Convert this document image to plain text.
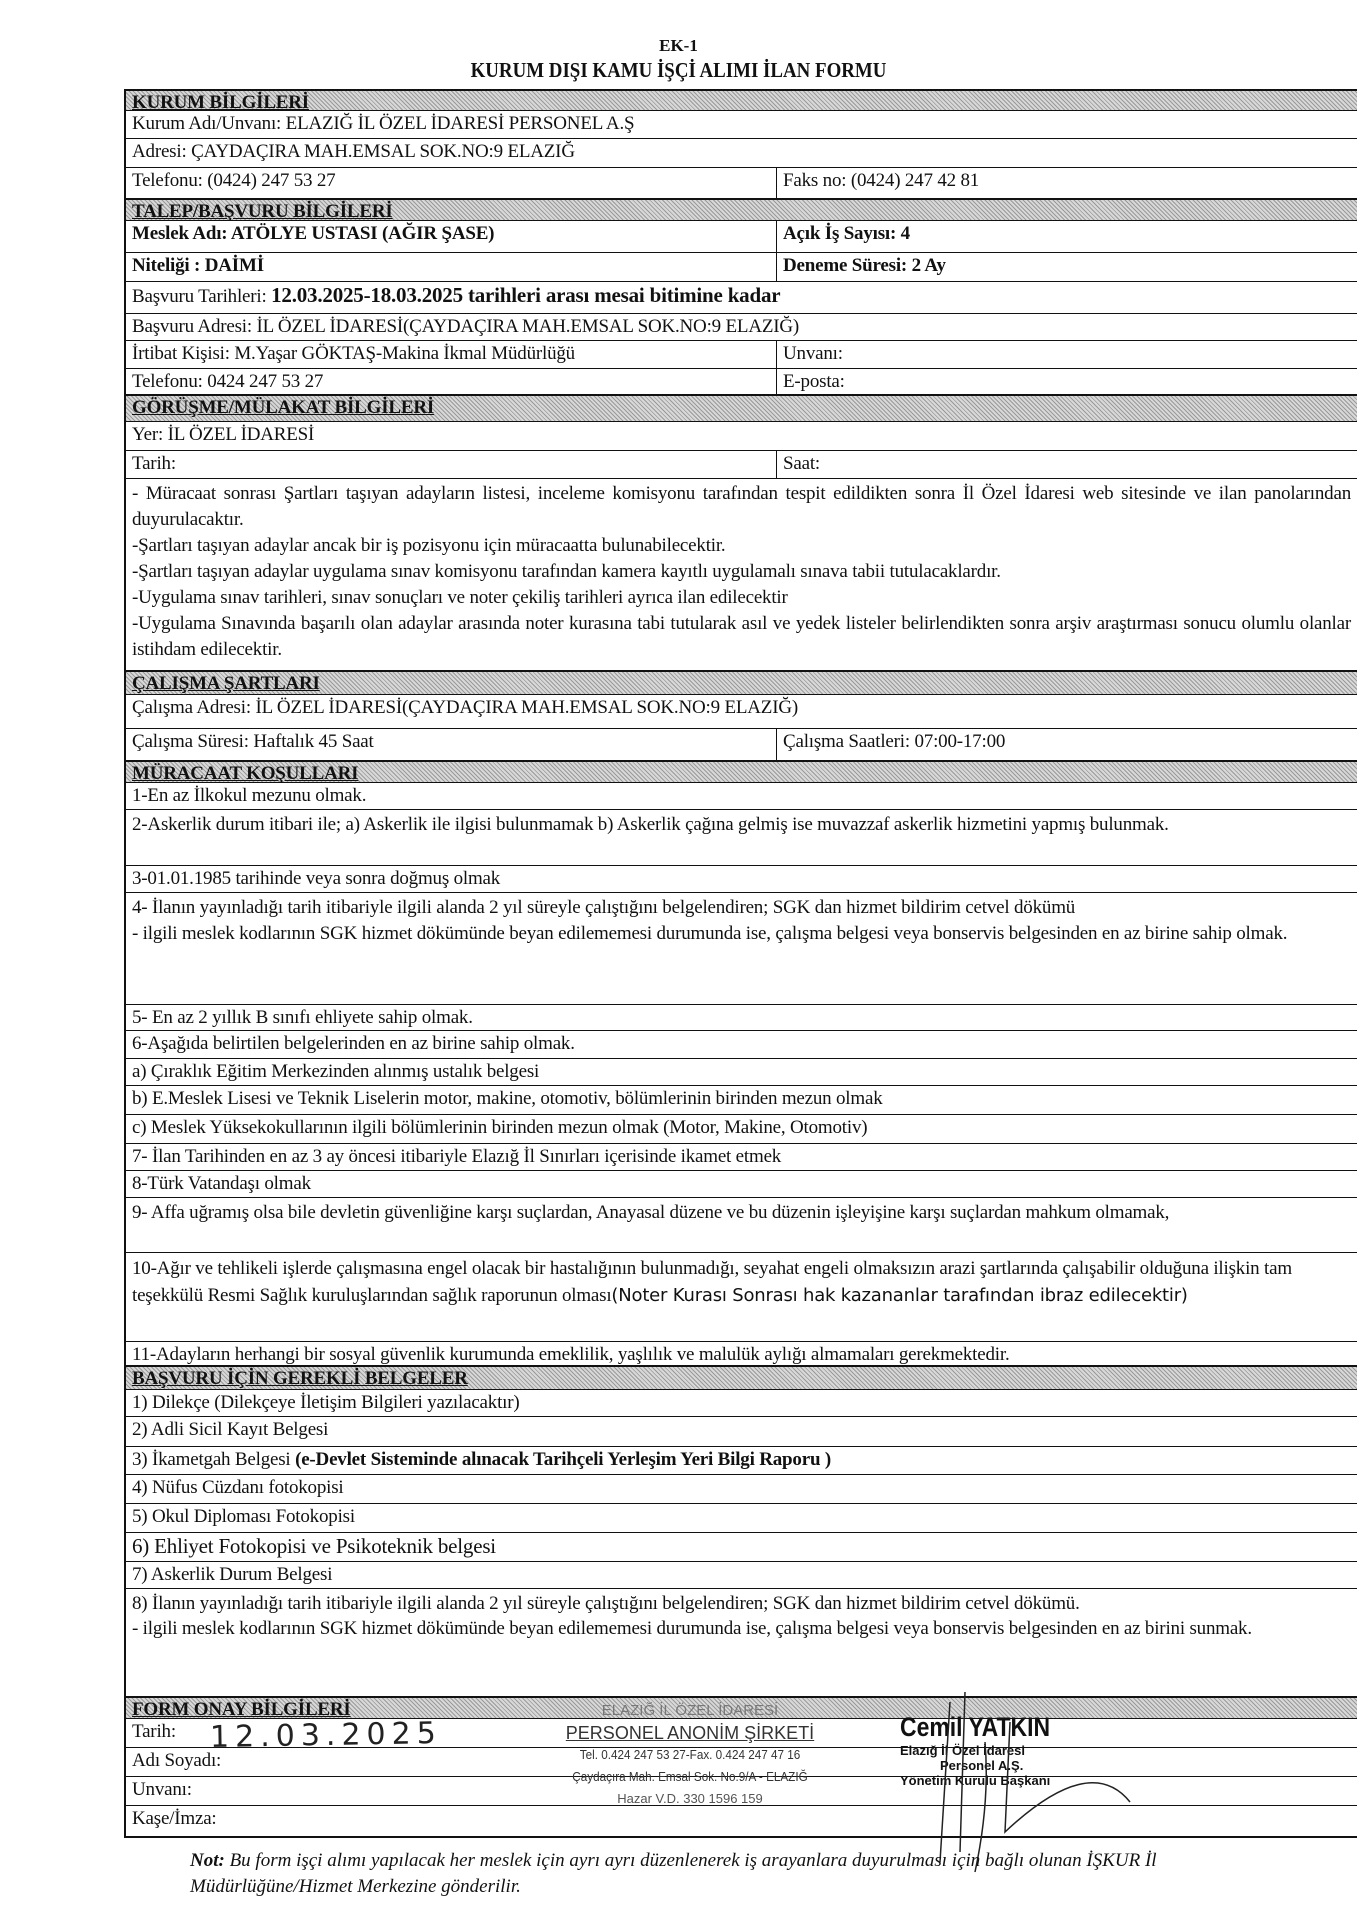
EK-1
KURUM DIŞI KAMU İŞÇİ ALIMI İLAN FORMU
KURUM BİLGİLERİ
Kurum Adı/Unvanı: ELAZIĞ İL ÖZEL İDARESİ PERSONEL A.Ş
Adresi: ÇAYDAÇIRA MAH.EMSAL SOK.NO:9 ELAZIĞ
Telefonu: (0424) 247 53 27	Faks no: (0424) 247 42 81
TALEP/BAŞVURU BİLGİLERİ
Meslek Adı: ATÖLYE USTASI (AĞIR ŞASE)	Açık İş Sayısı: 4
Niteliği : DAİMİ	Deneme Süresi: 2 Ay
Başvuru Tarihleri: 12.03.2025-18.03.2025 tarihleri arası mesai bitimine kadar
Başvuru Adresi: İL ÖZEL İDARESİ(ÇAYDAÇIRA MAH.EMSAL SOK.NO:9 ELAZIĞ)
İrtibat Kişisi: M.Yaşar GÖKTAŞ-Makina İkmal Müdürlüğü	Unvanı:
Telefonu: 0424 247 53 27	E-posta:
GÖRÜŞME/MÜLAKAT BİLGİLERİ
Yer: İL ÖZEL İDARESİ
Tarih:	Saat:
- Müracaat sonrası Şartları taşıyan adayların listesi, inceleme komisyonu tarafından tespit edildikten sonra İl Özel İdaresi web sitesinde ve ilan panolarından duyurulacaktır.
-Şartları taşıyan adaylar ancak bir iş pozisyonu için müracaatta bulunabilecektir.
-Şartları taşıyan adaylar uygulama sınav komisyonu tarafından kamera kayıtlı uygulamalı sınava tabii tutulacaklardır.
-Uygulama sınav tarihleri, sınav sonuçları ve noter çekiliş tarihleri ayrıca ilan edilecektir
-Uygulama Sınavında başarılı olan adaylar arasında noter kurasına tabi tutularak asıl ve yedek listeler belirlendikten sonra arşiv araştırması sonucu olumlu olanlar istihdam edilecektir.
ÇALIŞMA ŞARTLARI
Çalışma Adresi: İL ÖZEL İDARESİ(ÇAYDAÇIRA MAH.EMSAL SOK.NO:9 ELAZIĞ)
Çalışma Süresi: Haftalık 45 Saat	Çalışma Saatleri: 07:00-17:00
MÜRACAAT KOŞULLARI
1-En az İlkokul mezunu olmak.
2-Askerlik durum itibari ile; a) Askerlik ile ilgisi bulunmamak b) Askerlik çağına gelmiş ise muvazzaf askerlik hizmetini yapmış bulunmak.
3-01.01.1985 tarihinde veya sonra doğmuş olmak
4- İlanın yayınladığı tarih itibariyle ilgili alanda 2 yıl süreyle çalıştığını belgelendiren; SGK dan hizmet bildirim cetvel dökümü
- ilgili meslek kodlarının SGK hizmet dökümünde beyan edilememesi durumunda ise, çalışma belgesi veya bonservis belgesinden en az birine sahip olmak.
5- En az 2 yıllık B sınıfı ehliyete sahip olmak.
6-Aşağıda belirtilen belgelerinden en az birine sahip olmak.
a) Çıraklık Eğitim Merkezinden alınmış ustalık belgesi
b) E.Meslek Lisesi ve Teknik Liselerin motor, makine, otomotiv, bölümlerinin birinden mezun olmak
c) Meslek Yüksekokullarının ilgili bölümlerinin birinden mezun olmak (Motor, Makine, Otomotiv)
7- İlan Tarihinden en az 3 ay öncesi itibariyle Elazığ İl Sınırları içerisinde ikamet etmek
8-Türk Vatandaşı olmak
9- Affa uğramış olsa bile devletin güvenliğine karşı suçlardan, Anayasal düzene ve bu düzenin işleyişine karşı suçlardan mahkum olmamak,
10-Ağır ve tehlikeli işlerde çalışmasına engel olacak bir hastalığının bulunmadığı, seyahat engeli olmaksızın arazi şartlarında çalışabilir olduğuna ilişkin tam teşekkülü Resmi Sağlık kuruluşlarından sağlık raporunun olması(Noter Kurası Sonrası hak kazananlar tarafından ibraz edilecektir)
11-Adayların herhangi bir sosyal güvenlik kurumunda emeklilik, yaşlılık ve malulük aylığı almamaları gerekmektedir.
BAŞVURU İÇİN GEREKLİ BELGELER
1) Dilekçe (Dilekçeye İletişim Bilgileri yazılacaktır)
2) Adli Sicil Kayıt Belgesi
3) İkametgah Belgesi (e-Devlet Sisteminde alınacak Tarihçeli Yerleşim Yeri Bilgi Raporu )
4) Nüfus Cüzdanı fotokopisi
5) Okul Diploması Fotokopisi
6) Ehliyet Fotokopisi ve Psikoteknik belgesi
7) Askerlik Durum Belgesi
8) İlanın yayınladığı tarih itibariyle ilgili alanda 2 yıl süreyle çalıştığını belgelendiren; SGK dan hizmet bildirim cetvel dökümü.
- ilgili meslek kodlarının SGK hizmet dökümünde beyan edilememesi durumunda ise, çalışma belgesi veya bonservis belgesinden en az birini sunmak.
FORM ONAY BİLGİLERİ
Tarih:
Adı Soyadı:
Unvanı:
Kaşe/İmza:
12.03.2025
ELAZIĞ İL ÖZEL İDARESİ
PERSONEL ANONİM ŞİRKETİ
Tel. 0.424 247 53 27-Fax. 0.424 247 47 16
Çaydaçıra Mah. Emsal Sok. No.9/A - ELAZIĞ
Hazar V.D. 330 1596 159
Cemil YATKIN
Elazığ İl Özel İdaresi
Personel A.Ş.
Yönetim Kurulu Başkanı
Not: Bu form işçi alımı yapılacak her meslek için ayrı ayrı düzenlenerek iş arayanlara duyurulması için bağlı olunan İŞKUR İl Müdürlüğüne/Hizmet Merkezine gönderilir.
